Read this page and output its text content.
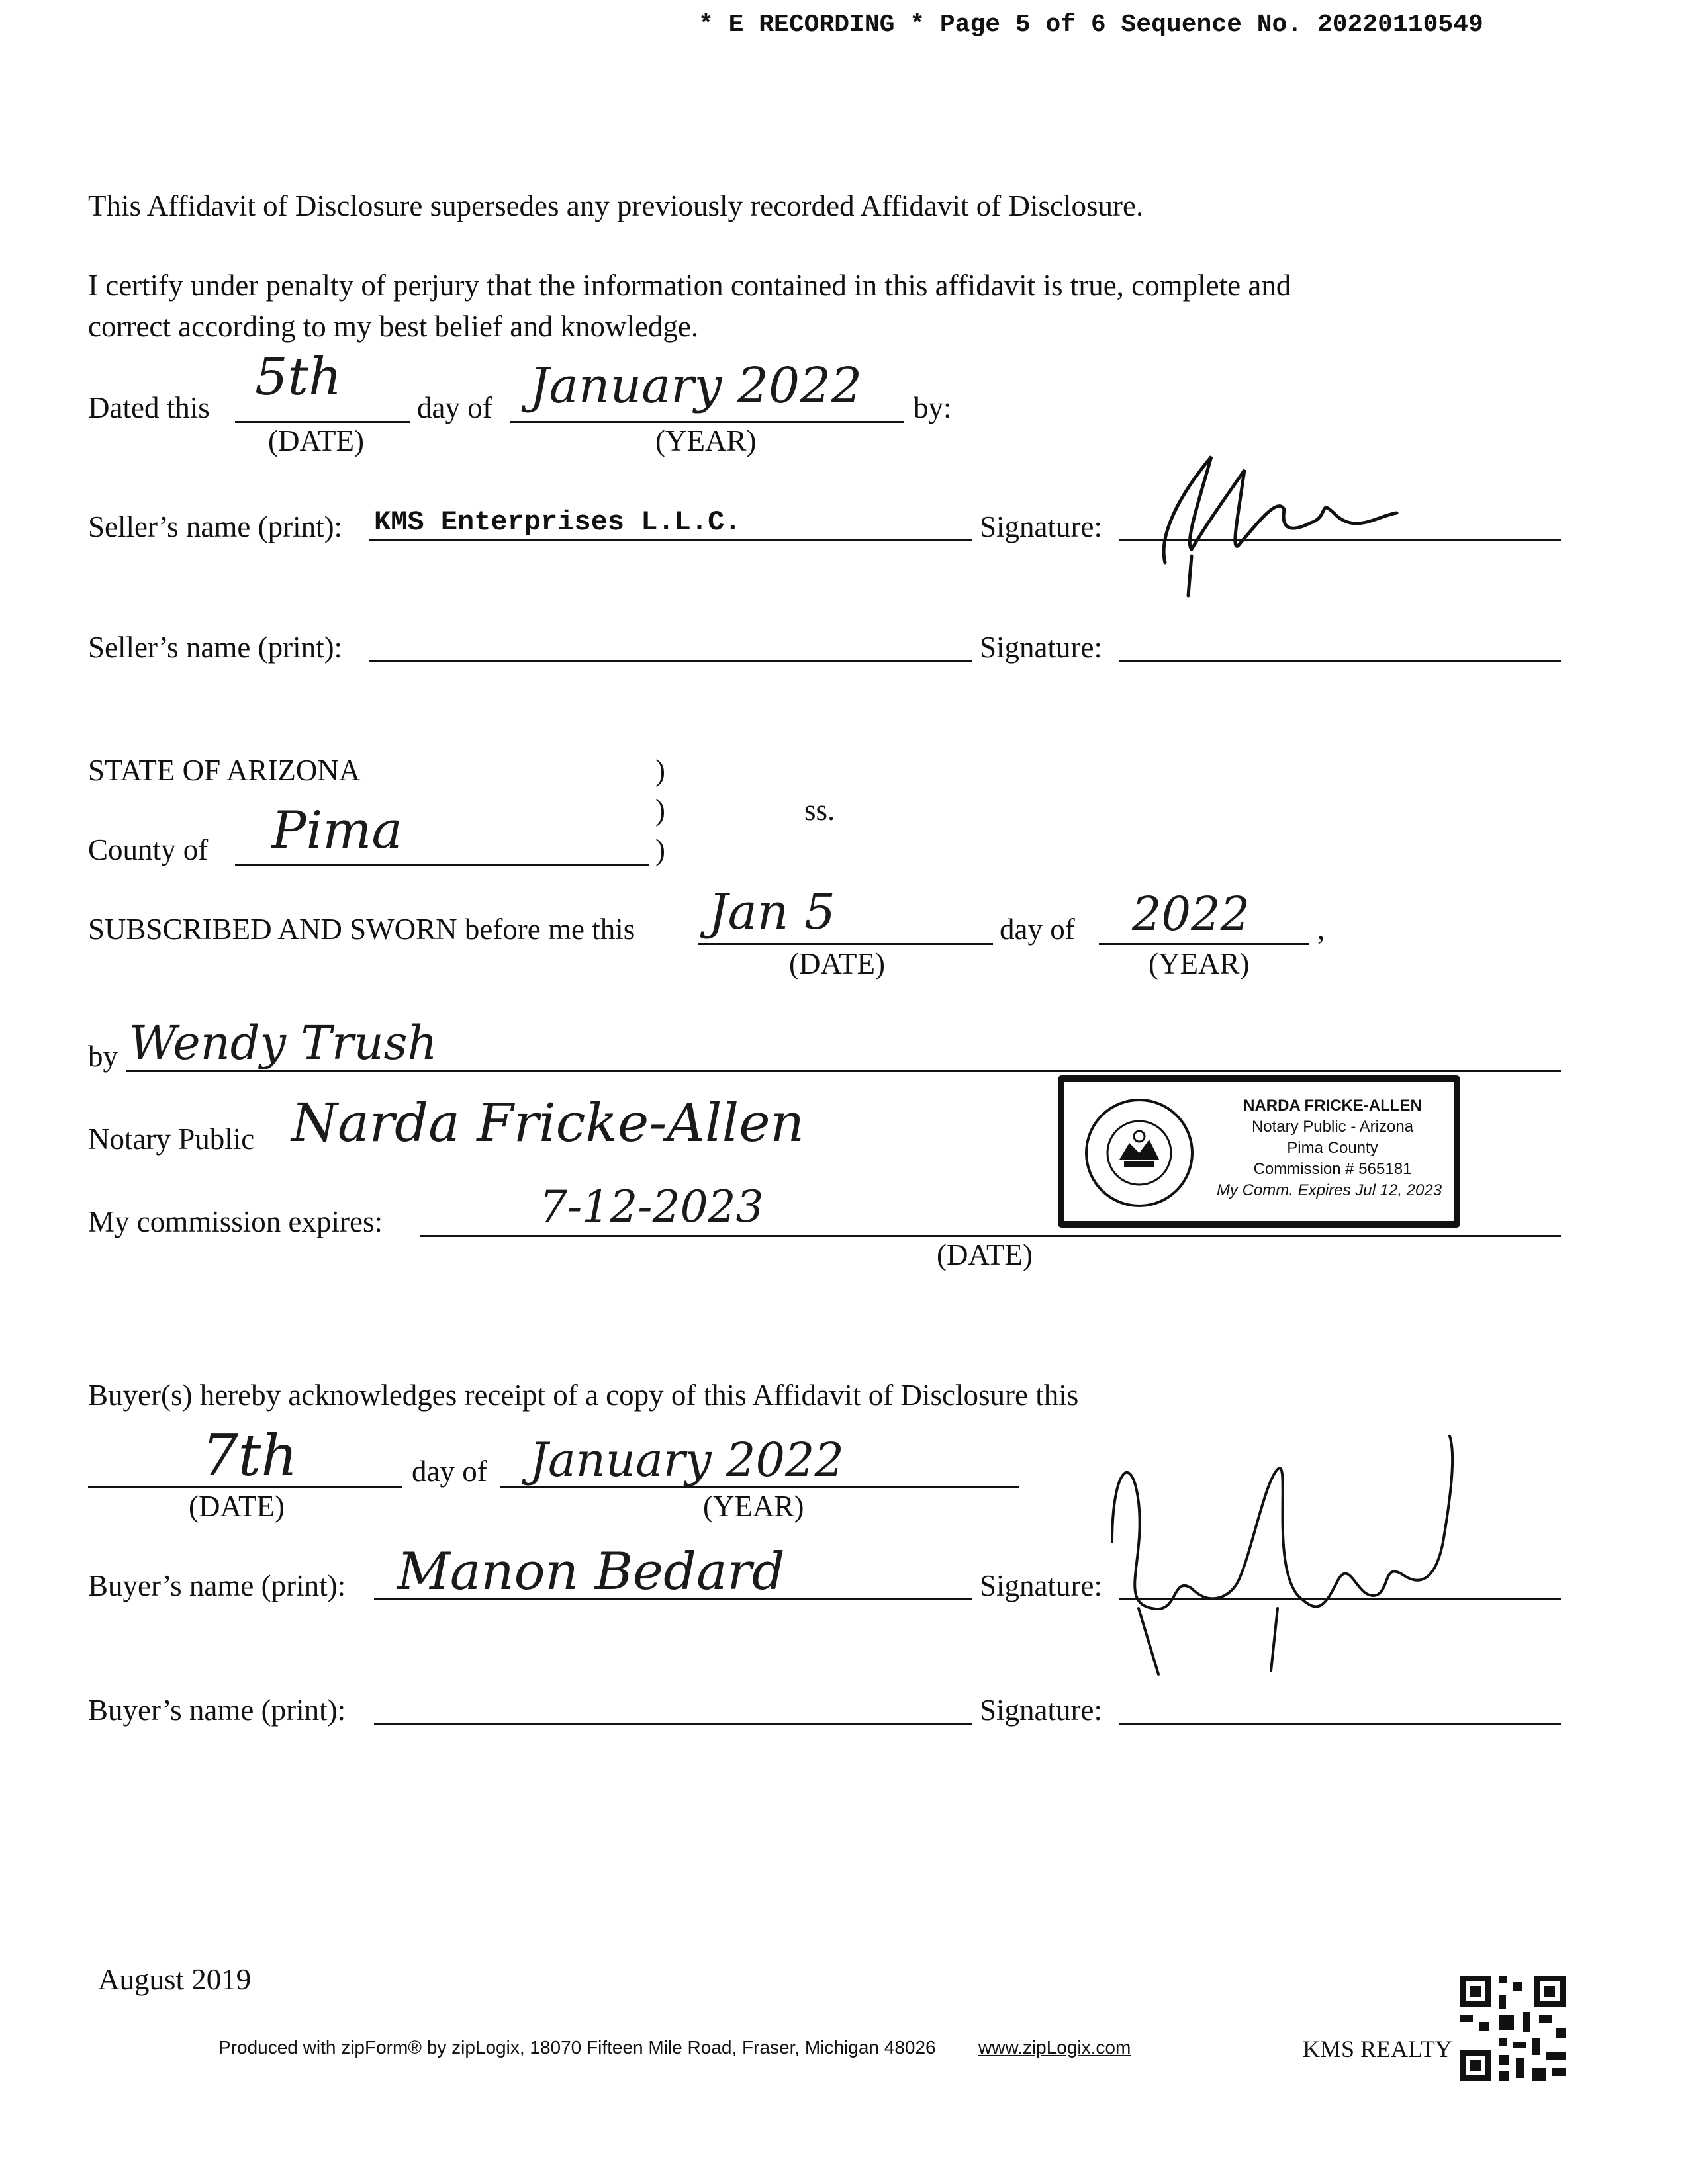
* E RECORDING * Page 5 of 6 Sequence No. 20220110549
This Affidavit of Disclosure supersedes any previously recorded Affidavit of Disclosure.
I certify under penalty of perjury that the information contained in this affidavit is true, complete and
correct according to my best belief and knowledge.
Dated this
5th
(DATE)
day of January 2022
(YEAR)
by:
Seller’s name (print): KMS Enterprises L.L.C.	Signature:
Seller’s name (print):	Signature:
STATE OF ARIZONA	)
)
)
ss.
County of Pima
SUBSCRIBED AND SWORN before me this Jan 5
(DATE)
day of 2022
(YEAR)
,
by Wendy Trush
Notary Public Narda Fricke-Allen
My commission expires:	7-12-2023
(DATE)
NARDA FRICKE-ALLEN
Notary Public - Arizona
Pima County
Commission # 565181
My Comm. Expires Jul 12, 2023
Buyer(s) hereby acknowledges receipt of a copy of this Affidavit of Disclosure this
7th
(DATE)
day of January 2022
(YEAR)
Buyer’s name (print): Manon Bedard	Signature:
Buyer’s name (print):	Signature:
August 2019
Produced with zipForm® by zipLogix, 18070 Fifteen Mile Road, Fraser, Michigan 48026 www.zipLogix.com	KMS REALTY
